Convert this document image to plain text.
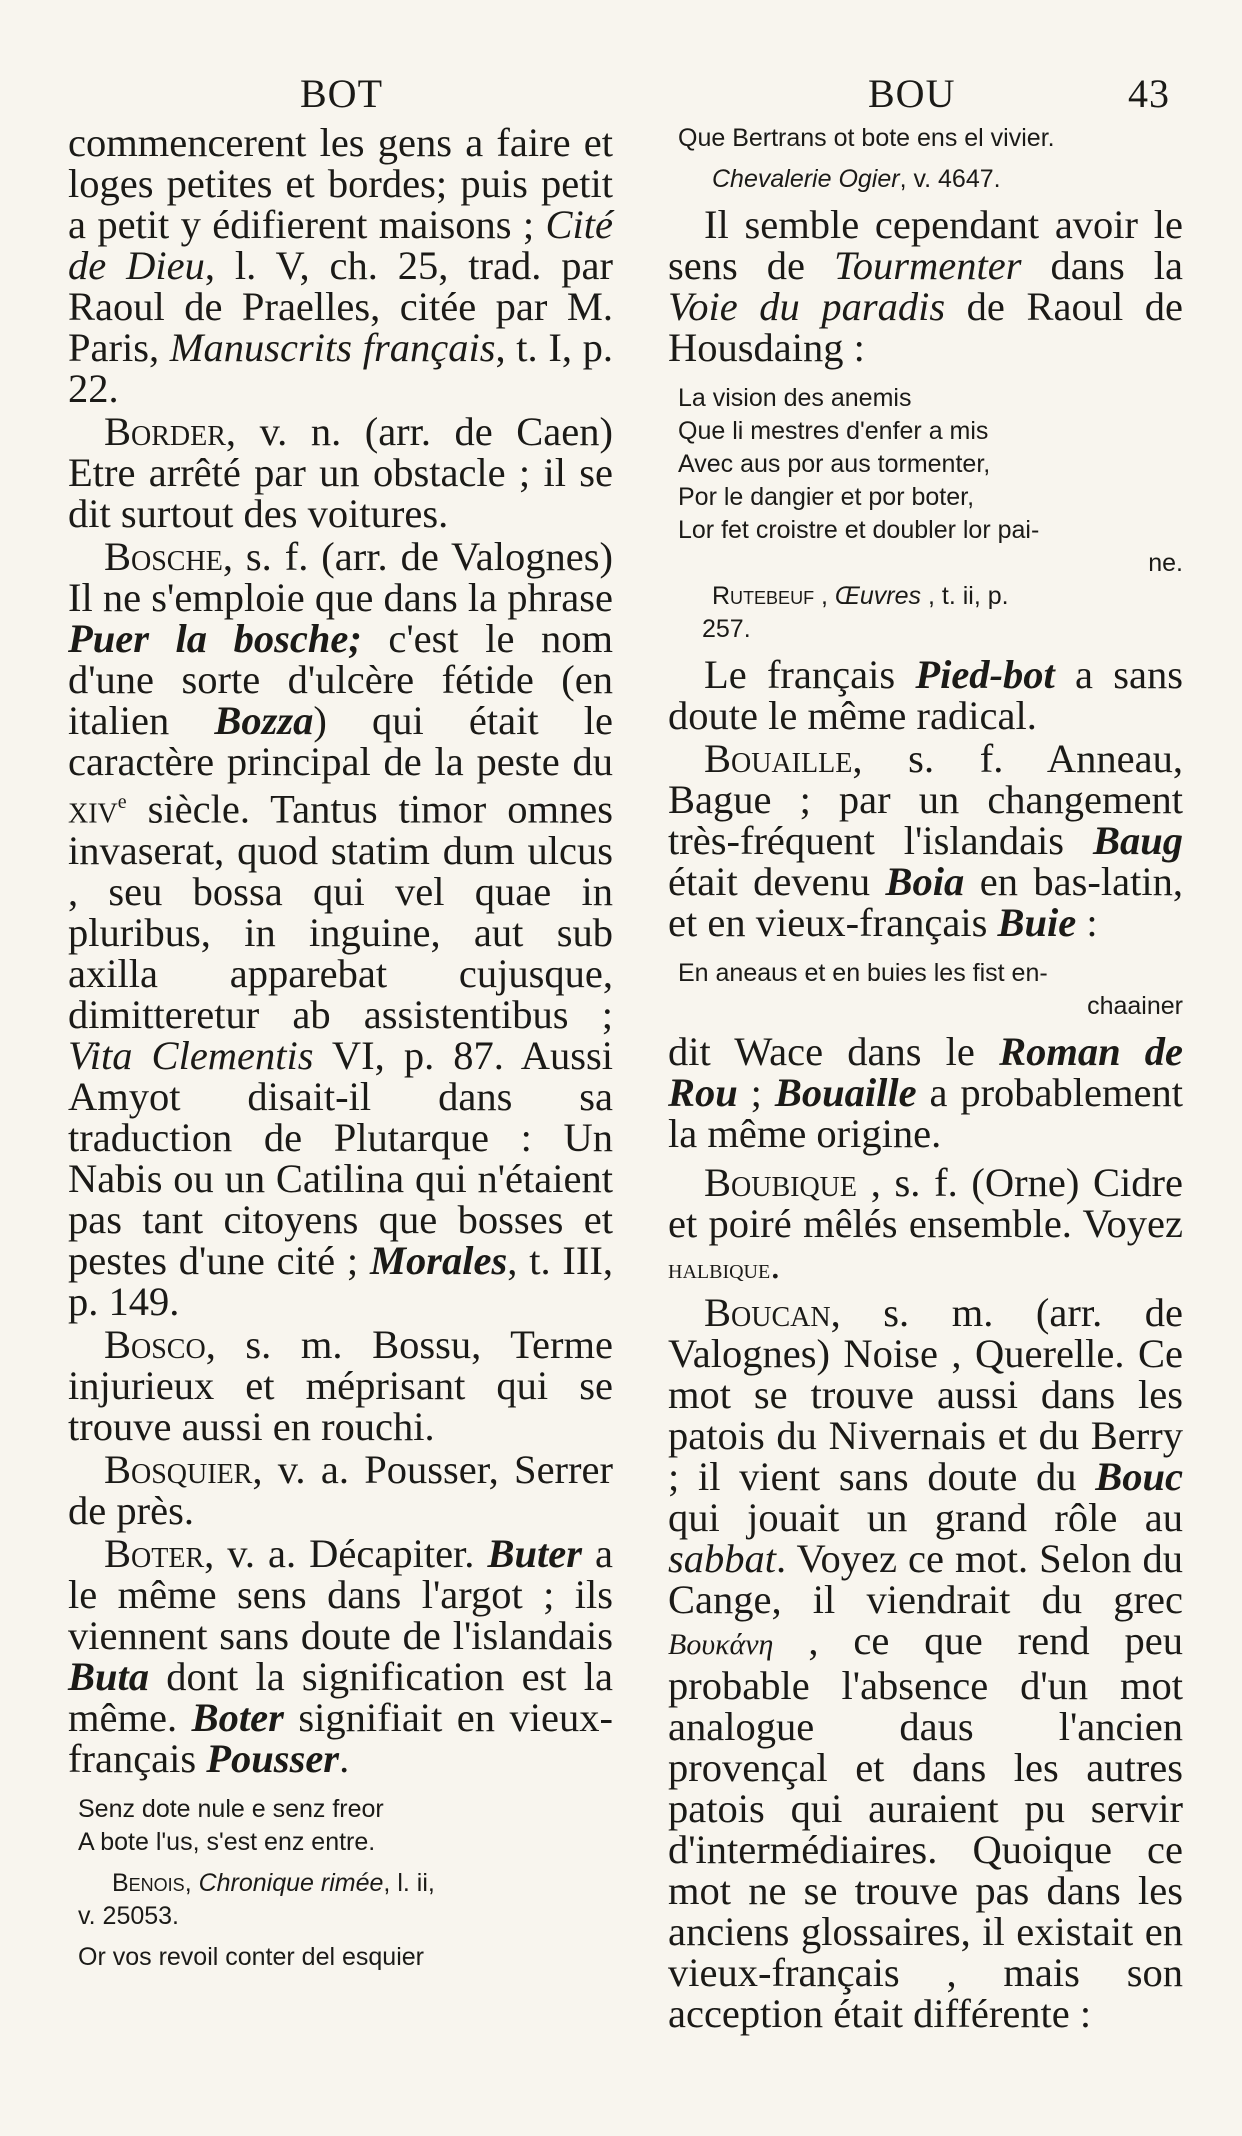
BOT	BOU	43

commencerent les gens a faire et loges petites et bordes; puis petit a petit y édifierent maisons ; Cité de Dieu, l. V, ch. 25, trad. par Raoul de Praelles, citée par M. Paris, Manuscrits français, t. I, p. 22.

Border, v. n. (arr. de Caen) Etre arrêté par un obstacle ; il se dit surtout des voitures.

Bosche, s. f. (arr. de Valognes) Il ne s'emploie que dans la phrase Puer la bosche; c'est le nom d'une sorte d'ulcère fétide (en italien Bozza) qui était le caractère principal de la peste du xiv$^e$ siècle. Tantus timor omnes invaserat, quod statim dum ulcus , seu bossa qui vel quae in pluribus, in inguine, aut sub axilla apparebat cujusque, dimitteretur ab assistentibus ; Vita Clementis VI, p. 87. Aussi Amyot disait-il dans sa traduction de Plutarque : Un Nabis ou un Catilina qui n'étaient pas tant citoyens que bosses et pestes d'une cité ; Morales, t. III, p. 149.

Bosco, s. m. Bossu, Terme injurieux et méprisant qui se trouve aussi en rouchi.

Bosquier, v. a. Pousser, Serrer de près.

Boter, v. a. Décapiter. Buter a le même sens dans l'argot ; ils viennent sans doute de l'islandais Buta dont la signification est la même. Boter signifiait en vieux-français Pousser.

Senz dote nule e senz freor

A bote l'us, s'est enz entre.

Benois, Chronique rimée, l. ii,

v. 25053.

Or vos revoil conter del esquier

Que Bertrans ot bote ens el vivier.

Chevalerie Ogier, v. 4647.

Il semble cependant avoir le sens de Tourmenter dans la Voie du paradis de Raoul de Housdaing :

La vision des anemis

Que li mestres d'enfer a mis

Avec aus por aus tormenter,

Por le dangier et por boter,

Lor fet croistre et doubler lor pai-

ne.

Rutebeuf , Œuvres , t. ii, p.

257.

Le français Pied-bot a sans doute le même radical.

Bouaille, s. f. Anneau, Bague ; par un changement très-fréquent l'islandais Baug était devenu Boia en bas-latin, et en vieux-français Buie :

En aneaus et en buies les fist en-

chaainer

dit Wace dans le Roman de Rou ; Bouaille a probablement la même origine.

Boubique , s. f. (Orne) Cidre et poiré mêlés ensemble. Voyez halbique.

Boucan, s. m. (arr. de Valognes) Noise , Querelle. Ce mot se trouve aussi dans les patois du Nivernais et du Berry ; il vient sans doute du Bouc qui jouait un grand rôle au sabbat. Voyez ce mot. Selon du Cange, il viendrait du grec Βουκάνη , ce que rend peu probable l'absence d'un mot analogue daus l'ancien provençal et dans les autres patois qui auraient pu servir d'intermédiaires. Quoique ce mot ne se trouve pas dans les anciens glossaires, il existait en vieux-français , mais son acception était différente :
